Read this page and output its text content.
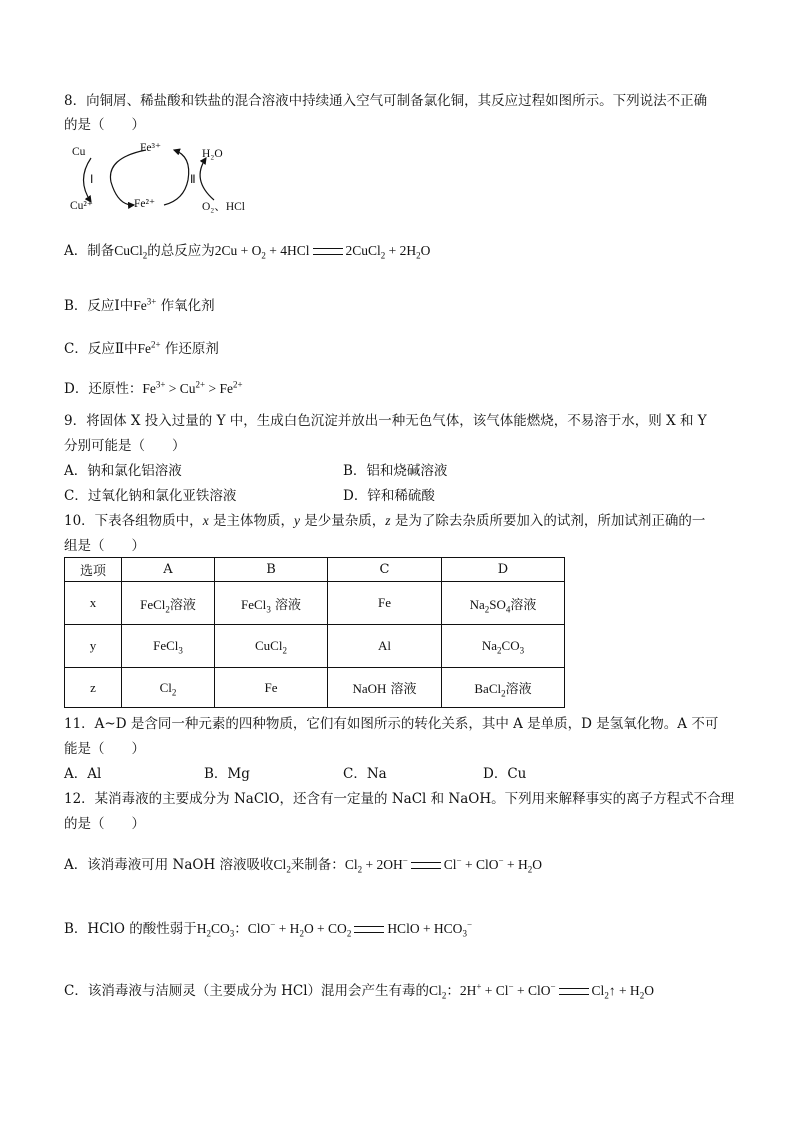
8．向铜屑、稀盐酸和铁盐的混合溶液中持续通入空气可制备氯化铜，其反应过程如图所示。下列说法不正确
的是（　　）
Cu
Cu²⁺
Fe³⁺
Fe²⁺
H₂O
O₂、HCl
Ⅰ	Ⅱ
A．制备CuCl$_2$的总反应为$2Cu + O_2 + 4HCl$	2CuCl$_2$ + $2H_2O$
B．反应Ⅰ中$Fe^{3+}$ 作氧化剂
C．反应Ⅱ中$Fe^{2+}$ 作还原剂
D．还原性：$Fe^{3+} > Cu^{2+} > Fe^{2+}$
9．将固体 X 投入过量的 Y 中，生成白色沉淀并放出一种无色气体，该气体能燃烧，不易溶于水，则 X 和 Y
分别可能是（　　）
A．钠和氯化铝溶液	B．铝和烧碱溶液
C．过氧化钠和氯化亚铁溶液	D．锌和稀硫酸
10．下表各组物质中，x 是主体物质，y 是少量杂质，z 是为了除去杂质所要加入的试剂，所加试剂正确的一
组是（　　）
选项	A	B	C	D
x	FeCl$_2$溶液	FeCl$_3$ 溶液	Fe	$Na_2SO_4$溶液
y	FeCl$_3$	CuCl$_2$	Al	$Na_2CO_3$
z	$Cl_2$	Fe	NaOH 溶液	BaCl$_2$溶液
11．A~D 是含同一种元素的四种物质，它们有如图所示的转化关系，其中 A 是单质，D 是氢氧化物。A 不可
能是（　　）
A．Al	B．Mg	C．Na	D．Cu
12．某消毒液的主要成分为 NaClO，还含有一定量的 NaCl 和 NaOH。下列用来解释事实的离子方程式不合理
的是（　　）
A．该消毒液可用 NaOH 溶液吸收$Cl_2$来制备：$Cl_2 + 2OH^-$	$Cl^- + ClO^- + H_2O$
B．HClO 的酸性弱于$H_2CO_3$：$ClO^- + H_2O + CO_2$	HClO + $HCO_3^-$
C．该消毒液与洁厕灵（主要成分为 HCl）混用会产生有毒的$Cl_2$：2H+ + Cl− + ClO−	$Cl_2↑ + H_2O$
